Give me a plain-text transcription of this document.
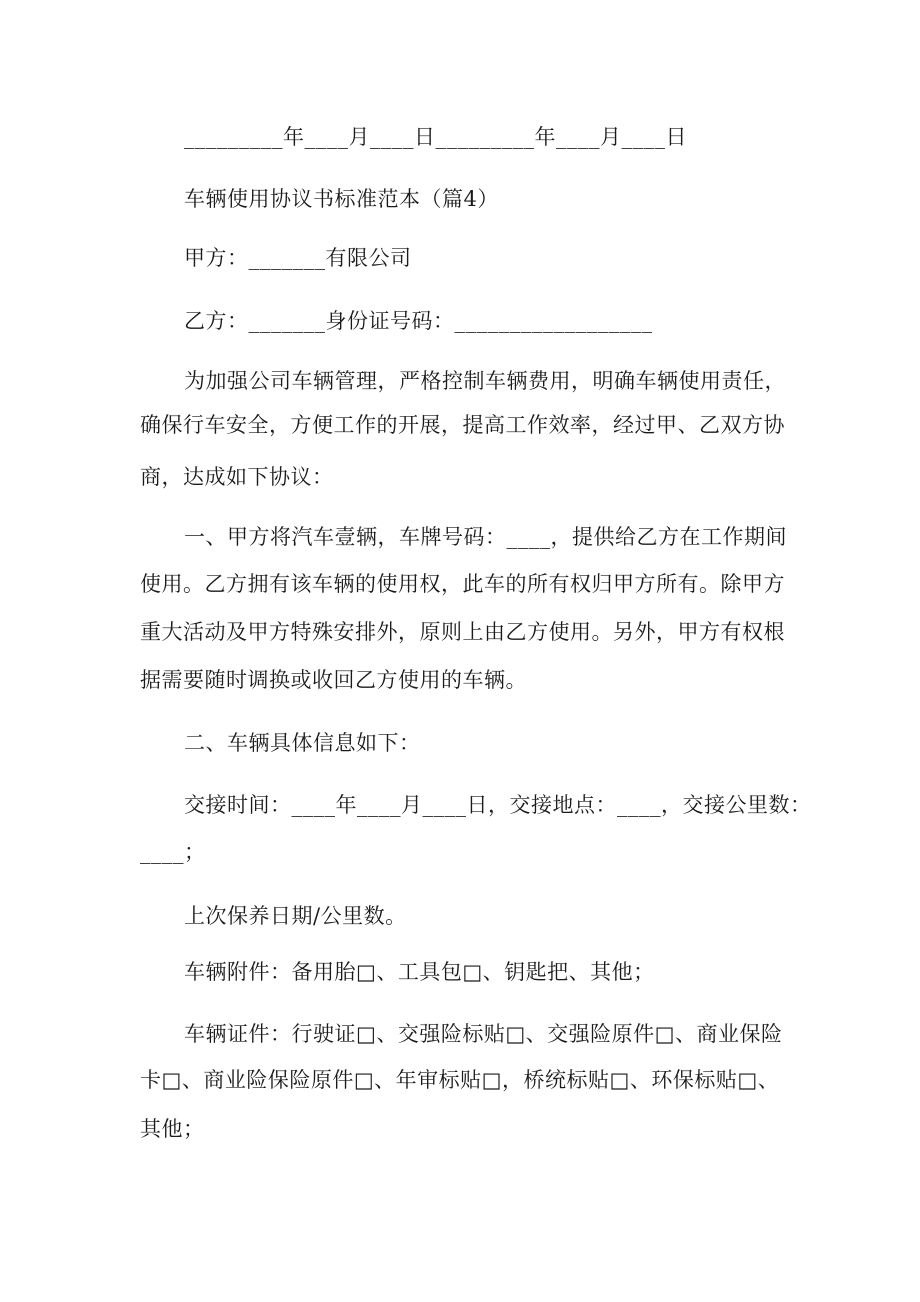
_________年____月____日_________年____月____日
车辆使用协议书标准范本（篇4）
甲方：_______有限公司
乙方：_______身份证号码：__________________
为加强公司车辆管理，严格控制车辆费用，明确车辆使用责任，
确保行车安全，方便工作的开展，提高工作效率，经过甲、乙双方协
商，达成如下协议：
一、甲方将汽车壹辆，车牌号码：____，提供给乙方在工作期间
使用。乙方拥有该车辆的使用权，此车的所有权归甲方所有。除甲方
重大活动及甲方特殊安排外，原则上由乙方使用。另外，甲方有权根
据需要随时调换或收回乙方使用的车辆。
二、车辆具体信息如下：
交接时间：____年____月____日，交接地点：____，交接公里数：
____；
上次保养日期/公里数。
车辆附件：备用胎□、工具包□、钥匙把、其他；
车辆证件：行驶证□、交强险标贴□、交强险原件□、商业保险
卡□、商业险保险原件□、年审标贴□，桥统标贴□、环保标贴□、
其他；
